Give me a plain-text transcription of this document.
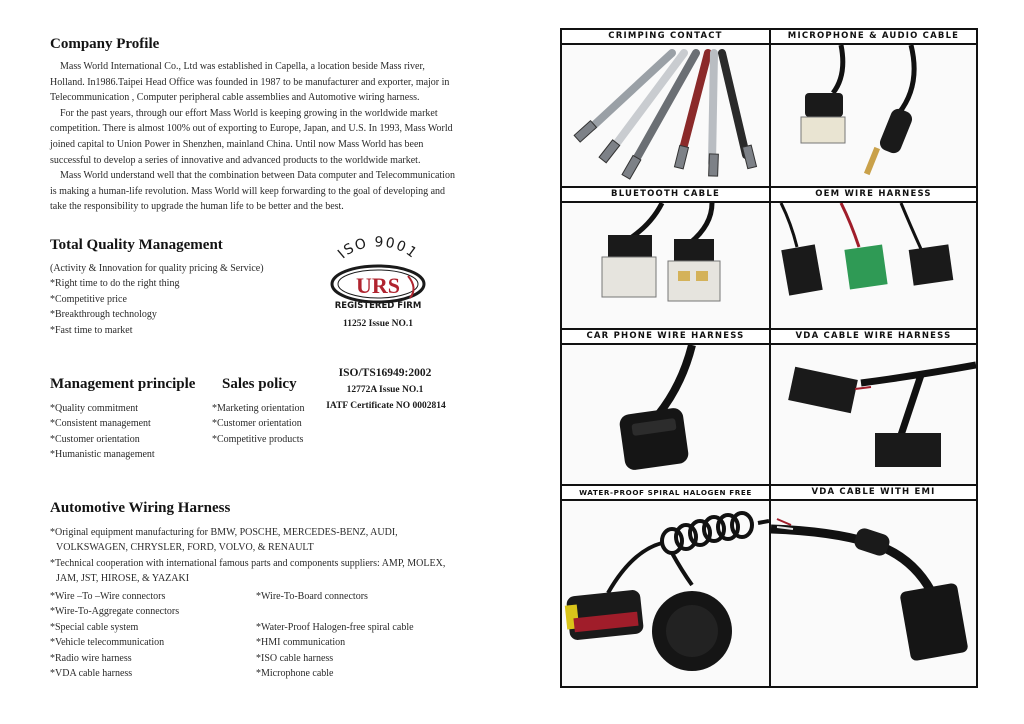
Company Profile

Mass World International Co., Ltd was established in Capella, a location beside Mass river, Holland. In1986.Taipei Head Office was founded in 1987 to be manufacturer and exporter, major in Telecommunication , Computer peripheral cable assemblies and Automotive wiring harness.

For the past years, through our effort Mass World is keeping growing in the worldwide market competition. There is almost 100% out of exporting to Europe, Japan, and U.S. In 1993, Mass World joined capital to Union Power in Shenzhen, mainland China. Until now Mass World has been successful to develop a series of innovative and advanced products to the worldwide market.

Mass World understand well that the combination between Data computer and Telecommunication is making a human-life revolution. Mass World will keep forwarding to the goal of developing and take the responsibility to upgrade the human life to be better and the best.

Total Quality Management
(Activity & Innovation for quality pricing & Service)
*Right time to do the right thing
*Competitive price
*Breakthrough technology
*Fast time to market
ISO 9001
URS
REGISTERED FIRM
11252 Issue NO.1
ISO/TS16949:2002
12772A Issue NO.1
IATF Certificate NO 0002814
Management principle
*Quality commitment
*Consistent management
*Customer orientation
*Humanistic management
Sales policy
*Marketing orientation
*Customer orientation
*Competitive products
Automotive Wiring Harness
*Original equipment manufacturing for BMW, POSCHE, MERCEDES-BENZ, AUDI,
VOLKSWAGEN, CHRYSLER, FORD, VOLVO, & RENAULT
*Technical cooperation with international famous parts and components suppliers: AMP, MOLEX,
JAM, JST, HIROSE, & YAZAKI
*Wire –To –Wire connectors
*Wire-To-Aggregate connectors
*Special cable system
*Vehicle telecommunication
*Radio wire harness
*VDA cable harness
*Wire-To-Board connectors
*Water-Proof Halogen-free spiral cable
*HMI communication
*ISO cable harness
*Microphone cable
CRIMPING CONTACT	MICROPHONE & AUDIO CABLE
BLUETOOTH CABLE	OEM WIRE HARNESS
CAR PHONE WIRE HARNESS	VDA CABLE WIRE HARNESS
WATER-PROOF SPIRAL HALOGEN FREE	VDA CABLE WITH EMI
